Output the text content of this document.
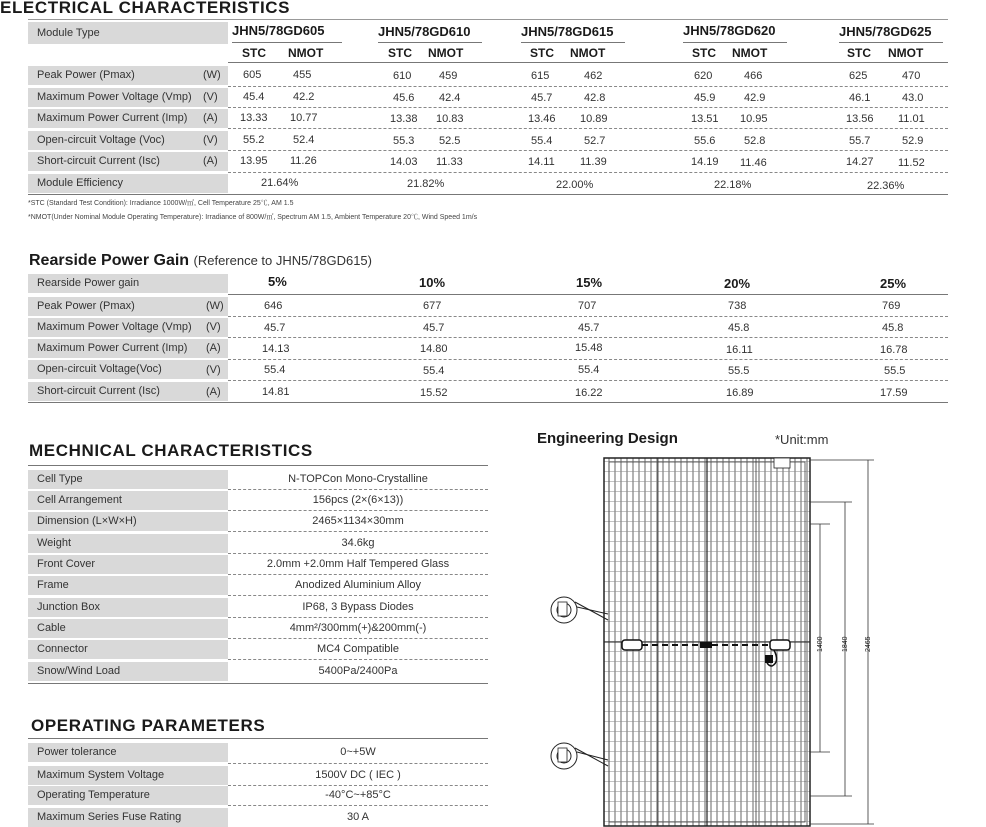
ELECTRICAL CHARACTERISTICS
Module Type	JHN5/78GD605	JHN5/78GD610	JHN5/78GD615	JHN5/78GD620	JHN5/78GD625
STC NMOT	STC NMOT	STC NMOT	STC NMOT	STC NMOT
Peak Power (Pmax)	(W) 605	455	610	459	615	462	620	466	625	470
Maximum Power Voltage (Vmp)	(V) 45.4	42.2	45.6 42.4	45.7	42.8	45.9	42.9	46.1	43.0
Maximum Power Current (Imp)	(A) 13.33 10.77	13.38 10.83	13.46 10.89	13.51 10.95	13.56 11.01
Open-circuit Voltage (Voc)	(V) 55.2	52.4	55.3 52.5	55.4	52.7	55.6	52.8	55.7	52.9
Short-circuit Current (Isc)	(A) 13.95 11.26	14.03 11.33	14.11 11.39	14.19 11.46	14.27 11.52
Module Efficiency	21.64%	21.82%	22.00%	22.18%	22.36%
*STC (Standard Test Condition): Irradiance 1000W/㎡, Cell Temperature 25℃, AM 1.5
*NMOT(Under Nominal Module Operating Temperature): Irradiance of 800W/㎡, Spectrum AM 1.5, Ambient Temperature 20℃, Wind Speed 1m/s
Rearside Power Gain (Reference to JHN5/78GD615)
Rearside Power gain	5%	10%	15%	20%	25%
Peak Power (Pmax)	(W)	646	677	707	738	769
Maximum Power Voltage (Vmp)	(V)	45.7	45.7	45.7	45.8	45.8
Maximum Power Current (Imp)	(A)	14.13	14.80	15.48	16.11	16.78
Open-circuit Voltage(Voc)	(V)	55.4	55.4	55.4	55.5	55.5
Short-circuit Current (Isc)	(A)	14.81	15.52	16.22	16.89	17.59
MECHNICAL CHARACTERISTICS
Cell Type	N-TOPCon Mono-Crystalline
Cell Arrangement	156pcs (2×(6×13))
Dimension (L×W×H)	2465×1134×30mm
Weight	34.6kg
Front Cover	2.0mm +2.0mm Half Tempered Glass
Frame	Anodized Aluminium Alloy
Junction Box	IP68, 3 Bypass Diodes
Cable	4mm²/300mm(+)&200mm(-)
Connector	MC4 Compatible
Snow/Wind Load	5400Pa/2400Pa
OPERATING PARAMETERS
Power tolerance	0~+5W
Maximum System Voltage	1500V DC ( IEC )
Operating Temperature	-40°C~+85°C
Maximum Series Fuse Rating	30 A
Engineering Design	*Unit:mm
1400	1840 2465
